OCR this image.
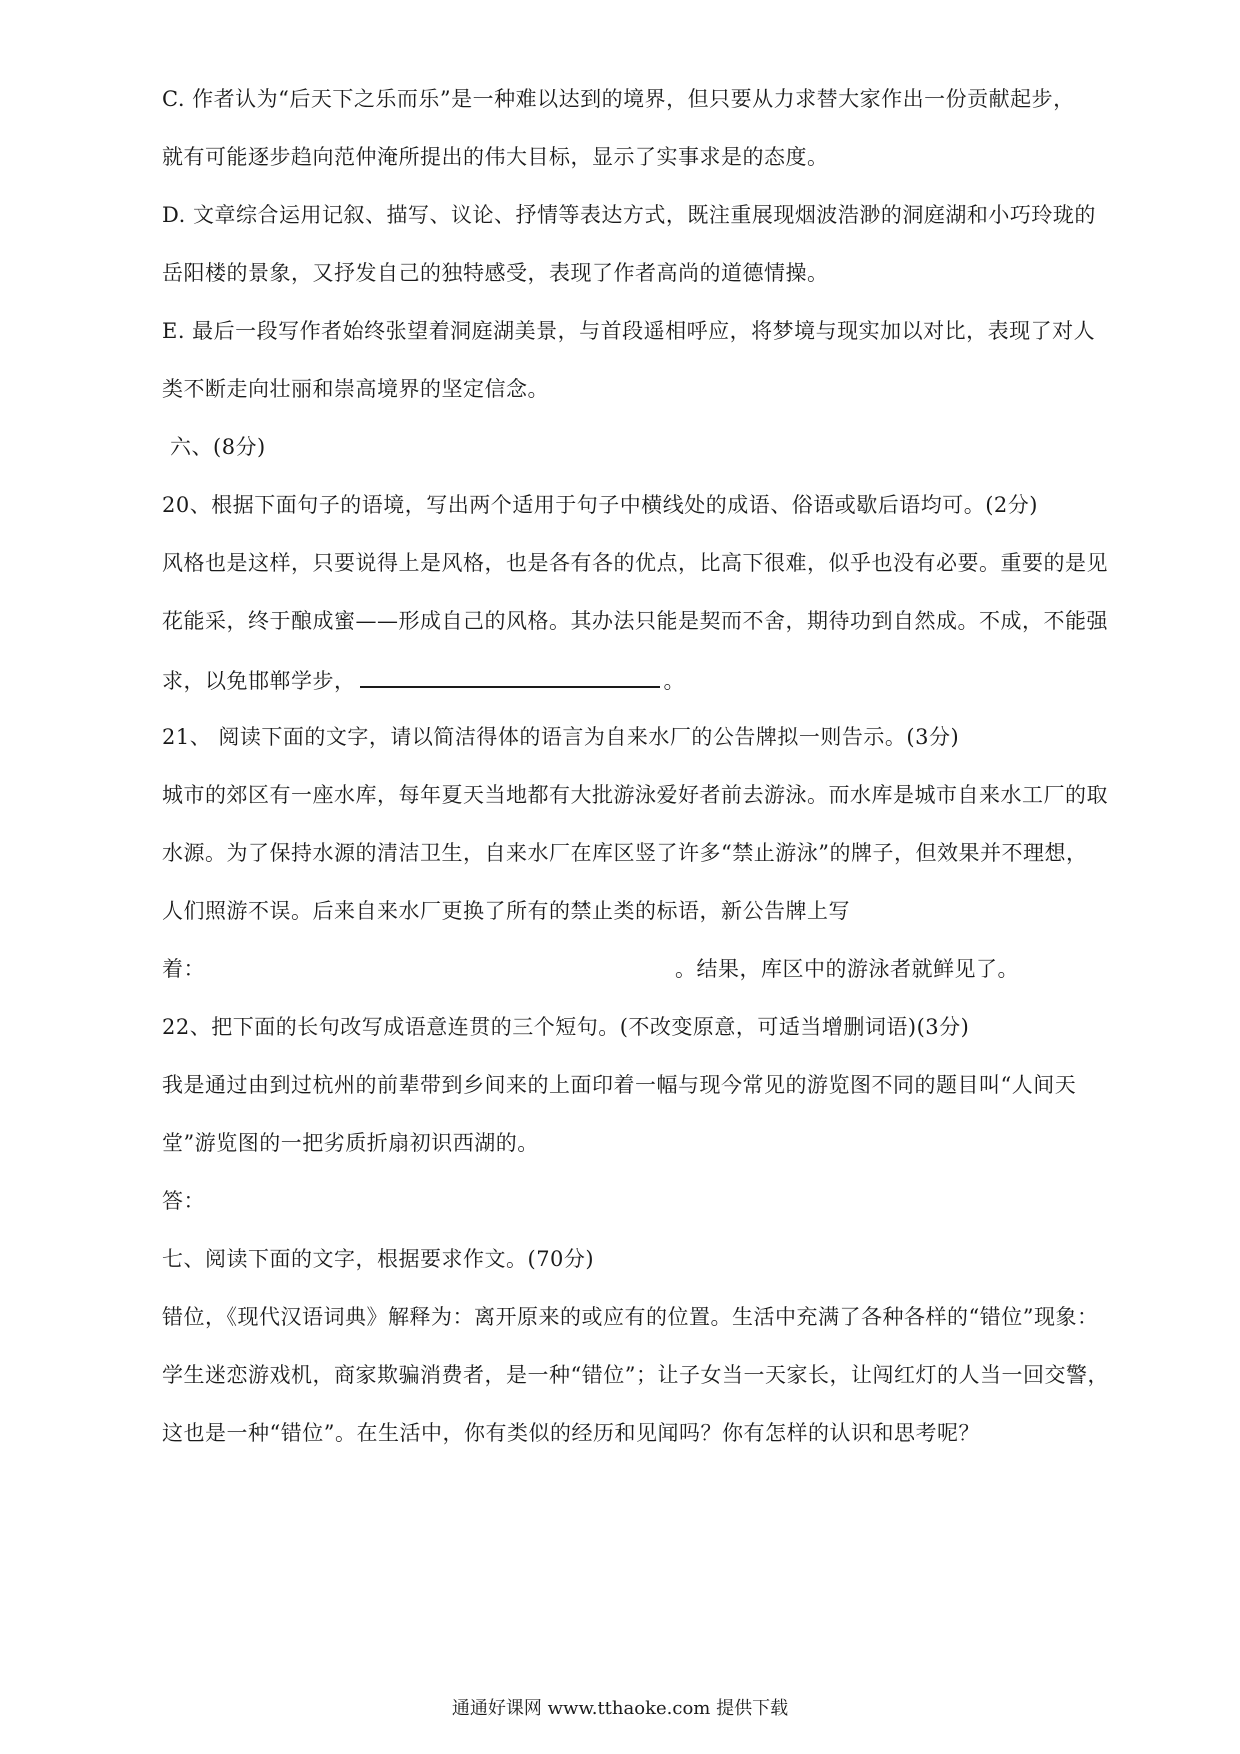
C. 作者认为“后天下之乐而乐”是一种难以达到的境界，但只要从力求替大家作出一份贡献起步，
就有可能逐步趋向范仲淹所提出的伟大目标，显示了实事求是的态度。
D. 文章综合运用记叙、描写、议论、抒情等表达方式，既注重展现烟波浩渺的洞庭湖和小巧玲珑的
岳阳楼的景象，又抒发自己的独特感受，表现了作者高尚的道德情操。
E. 最后一段写作者始终张望着洞庭湖美景，与首段遥相呼应，将梦境与现实加以对比，表现了对人
类不断走向壮丽和崇高境界的坚定信念。
六、(8分)
20、根据下面句子的语境，写出两个适用于句子中横线处的成语、俗语或歇后语均可。(2分)
风格也是这样，只要说得上是风格，也是各有各的优点，比高下很难，似乎也没有必要。重要的是见
花能采，终于酿成蜜——形成自己的风格。其办法只能是契而不舍，期待功到自然成。不成，不能强
求，以免邯郸学步，	。
21、 阅读下面的文字，请以简洁得体的语言为自来水厂的公告牌拟一则告示。(3分)
城市的郊区有一座水库，每年夏天当地都有大批游泳爱好者前去游泳。而水库是城市自来水工厂的取
水源。为了保持水源的清洁卫生，自来水厂在库区竖了许多“禁止游泳”的牌子，但效果并不理想，
人们照游不误。后来自来水厂更换了所有的禁止类的标语，新公告牌上写
着：	。结果，库区中的游泳者就鲜见了。
22、把下面的长句改写成语意连贯的三个短句。(不改变原意，可适当增删词语)(3分)
我是通过由到过杭州的前辈带到乡间来的上面印着一幅与现今常见的游览图不同的题目叫“人间天
堂”游览图的一把劣质折扇初识西湖的。
答：
七、阅读下面的文字，根据要求作文。(70分)
错位，《现代汉语词典》解释为：离开原来的或应有的位置。生活中充满了各种各样的“错位”现象：
学生迷恋游戏机，商家欺骗消费者，是一种“错位”；让子女当一天家长，让闯红灯的人当一回交警，
这也是一种“错位”。在生活中，你有类似的经历和见闻吗？你有怎样的认识和思考呢？
通通好课网 www.tthaoke.com 提供下载
